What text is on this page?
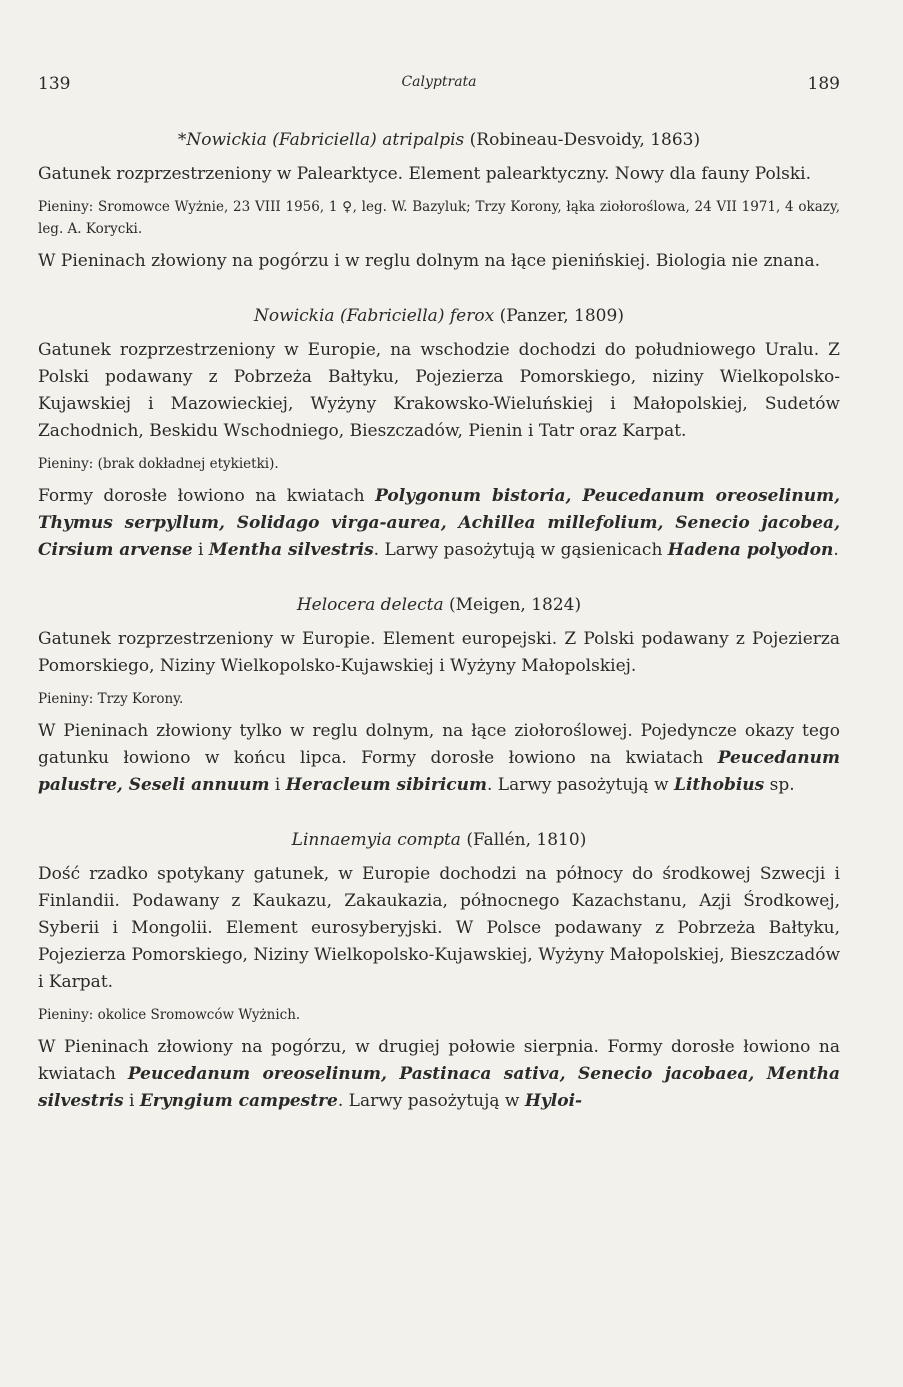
139	Calyptrata	189
*Nowickia (Fabriciella) atripalpis (Robineau-Desvoidy, 1863)

Gatunek rozprzestrzeniony w Palearktyce. Element palearktyczny. Nowy dla fauny Polski.

Pieniny: Sromowce Wyżnie, 23 VIII 1956, 1 ♀, leg. W. Bazyluk; Trzy Korony, łąka ziołoroślowa, 24 VII 1971, 4 okazy, leg. A. Korycki.

W Pieninach złowiony na pogórzu i w reglu dolnym na łące pienińskiej. Biologia nie znana.

Nowickia (Fabriciella) ferox (Panzer, 1809)

Gatunek rozprzestrzeniony w Europie, na wschodzie dochodzi do południowego Uralu. Z Polski podawany z Pobrzeża Bałtyku, Pojezierza Pomorskiego, niziny Wielkopolsko-Kujawskiej i Mazowieckiej, Wyżyny Krakowsko-Wieluńskiej i Małopolskiej, Sudetów Zachodnich, Beskidu Wschodniego, Bieszczadów, Pienin i Tatr oraz Karpat.

Pieniny: (brak dokładnej etykietki).

Formy dorosłe łowiono na kwiatach Polygonum bistoria, Peucedanum oreoselinum, Thymus serpyllum, Solidago virga-aurea, Achillea millefolium, Senecio jacobea, Cirsium arvense i Mentha silvestris. Larwy pasożytują w gąsienicach Hadena polyodon.

Helocera delecta (Meigen, 1824)

Gatunek rozprzestrzeniony w Europie. Element europejski. Z Polski podawany z Pojezierza Pomorskiego, Niziny Wielkopolsko-Kujawskiej i Wyżyny Małopolskiej.

Pieniny: Trzy Korony.

W Pieninach złowiony tylko w reglu dolnym, na łące ziołoroślowej. Pojedyncze okazy tego gatunku łowiono w końcu lipca. Formy dorosłe łowiono na kwiatach Peucedanum palustre, Seseli annuum i Heracleum sibiricum. Larwy pasożytują w Lithobius sp.

Linnaemyia compta (Fallén, 1810)

Dość rzadko spotykany gatunek, w Europie dochodzi na północy do środkowej Szwecji i Finlandii. Podawany z Kaukazu, Zakaukazia, północnego Kazachstanu, Azji Środkowej, Syberii i Mongolii. Element eurosyberyjski. W Polsce podawany z Pobrzeża Bałtyku, Pojezierza Pomorskiego, Niziny Wielkopolsko-Kujawskiej, Wyżyny Małopolskiej, Bieszczadów i Karpat.

Pieniny: okolice Sromowców Wyżnich.

W Pieninach złowiony na pogórzu, w drugiej połowie sierpnia. Formy dorosłe łowiono na kwiatach Peucedanum oreoselinum, Pastinaca sativa, Senecio jacobaea, Mentha silvestris i Eryngium campestre. Larwy pasożytują w Hyloi-
